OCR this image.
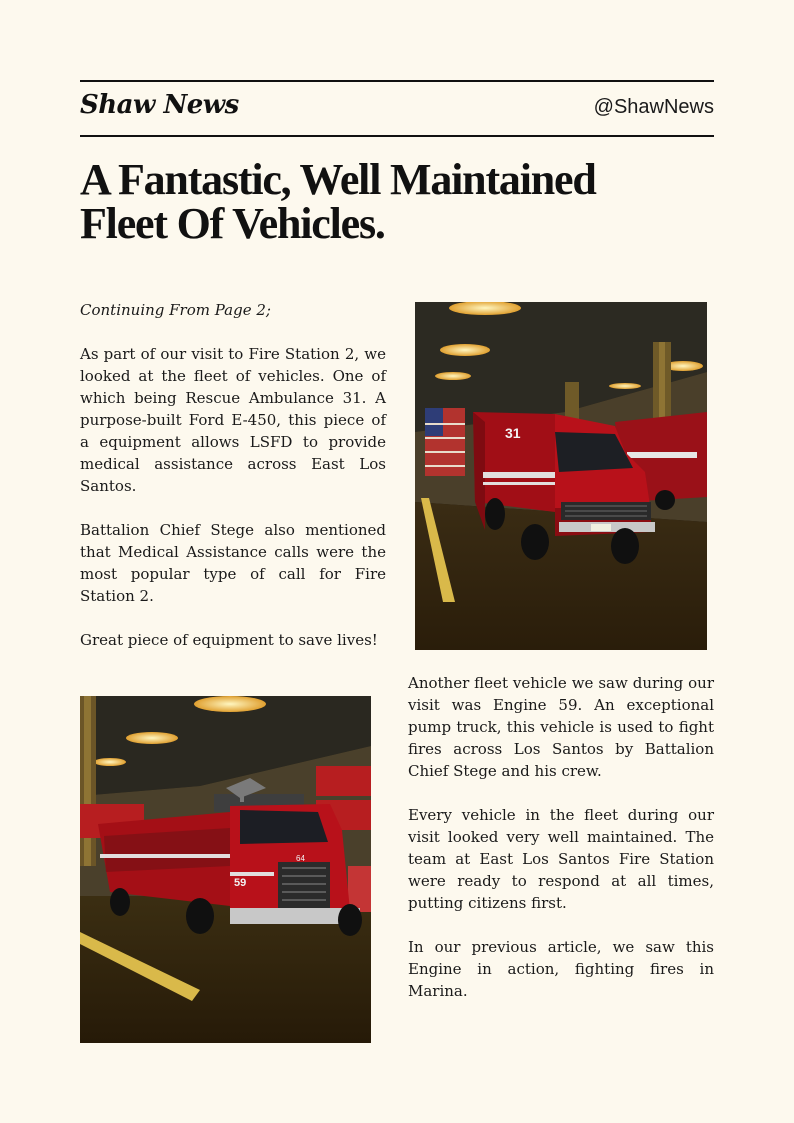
Shaw News	@ShawNews
A Fantastic, Well Maintained
Fleet Of Vehicles.

Continuing From Page 2;

As part of our visit to Fire Station 2, we looked at the fleet of vehicles. One of which being Rescue Ambulance 31. A purpose-built Ford E-450, this piece of a equipment allows LSFD to provide medical assistance across East Los Santos.

Battalion Chief Stege also mentioned that Medical Assistance calls were the most popular type of call for Fire Station 2.

Great piece of equipment to save lives!

31
59
64

Another fleet vehicle we saw during our visit was Engine 59. An exceptional pump truck, this vehicle is used to fight fires across Los Santos by Battalion Chief Stege and his crew.

Every vehicle in the fleet during our visit looked very well maintained. The team at East Los Santos Fire Station were ready to respond at all times, putting citizens first.

In our previous article, we saw this Engine in action, fighting fires in Marina.
